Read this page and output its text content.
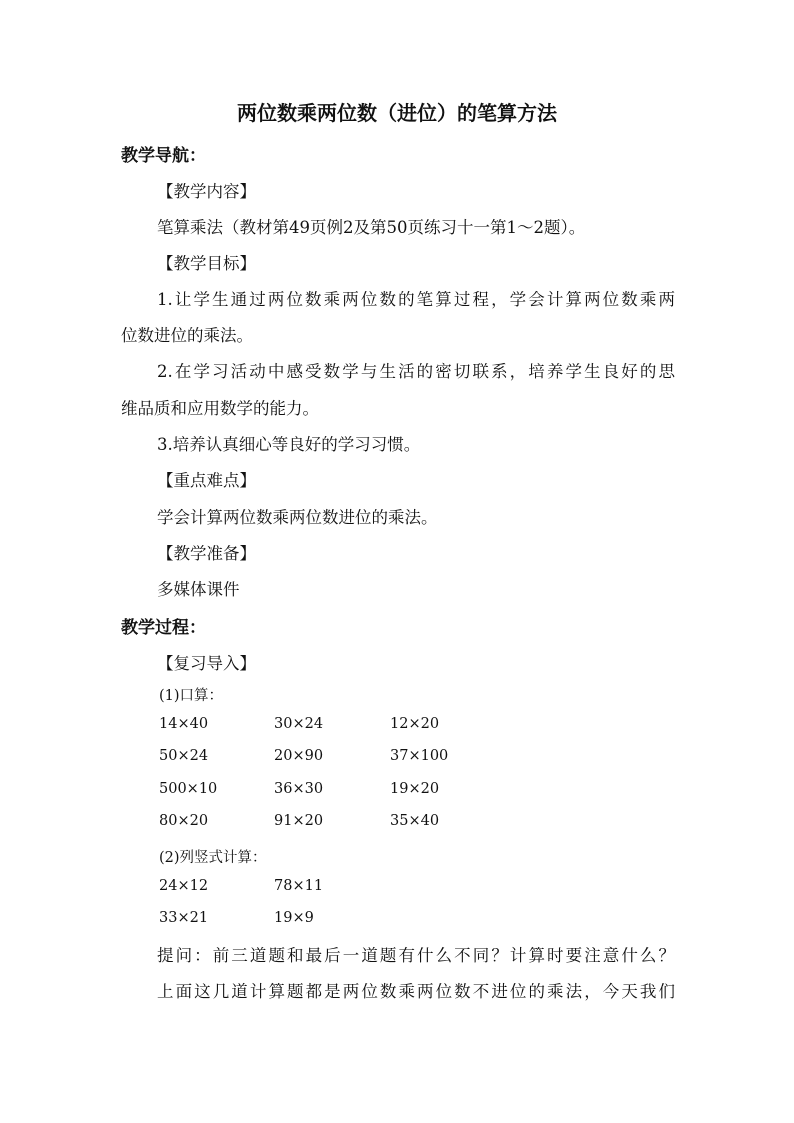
两位数乘两位数（进位）的笔算方法
教学导航：
【教学内容】
笔算乘法（教材第49页例2及第50页练习十一第1～2题）。
【教学目标】
1.让学生通过两位数乘两位数的笔算过程，学会计算两位数乘两
位数进位的乘法。
2.在学习活动中感受数学与生活的密切联系，培养学生良好的思
维品质和应用数学的能力。
3.培养认真细心等良好的学习习惯。
【重点难点】
学会计算两位数乘两位数进位的乘法。
【教学准备】
多媒体课件
教学过程：
【复习导入】
(1)口算：
14×40	30×24	12×20
50×24	20×90	37×100
500×10	36×30	19×20
80×20	91×20	35×40
(2)列竖式计算：
24×12	78×11
33×21	19×9
提问：前三道题和最后一道题有什么不同？计算时要注意什么？
上面这几道计算题都是两位数乘两位数不进位的乘法，今天我们
